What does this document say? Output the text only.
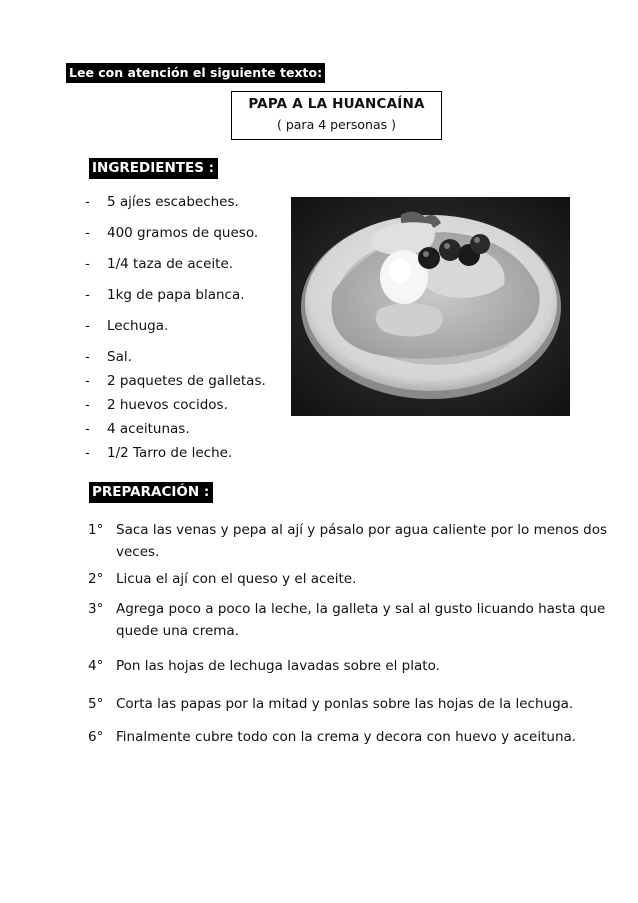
Lee con atención el siguiente texto:
PAPA A LA HUANCAÍNA
( para 4 personas )
INGREDIENTES :
- 5 ajíes escabeches.
- 400 gramos de queso.
- 1/4 taza de aceite.
- 1kg de papa blanca.
- Lechuga.
- Sal.
- 2 paquetes de galletas.
- 2 huevos cocidos.
- 4 aceitunas.
- 1/2 Tarro de leche.
PREPARACIÓN :
1° Saca las venas y pepa al ají y pásalo por agua caliente por lo menos dos veces.
2° Licua el ají con el queso y el aceite.
3° Agrega poco a poco la leche, la galleta y sal al gusto licuando hasta que quede una crema.
4° Pon las hojas de lechuga lavadas sobre el plato.
5° Corta las papas por la mitad y ponlas sobre las hojas de la lechuga.
6° Finalmente cubre todo con la crema y decora con huevo y aceituna.
